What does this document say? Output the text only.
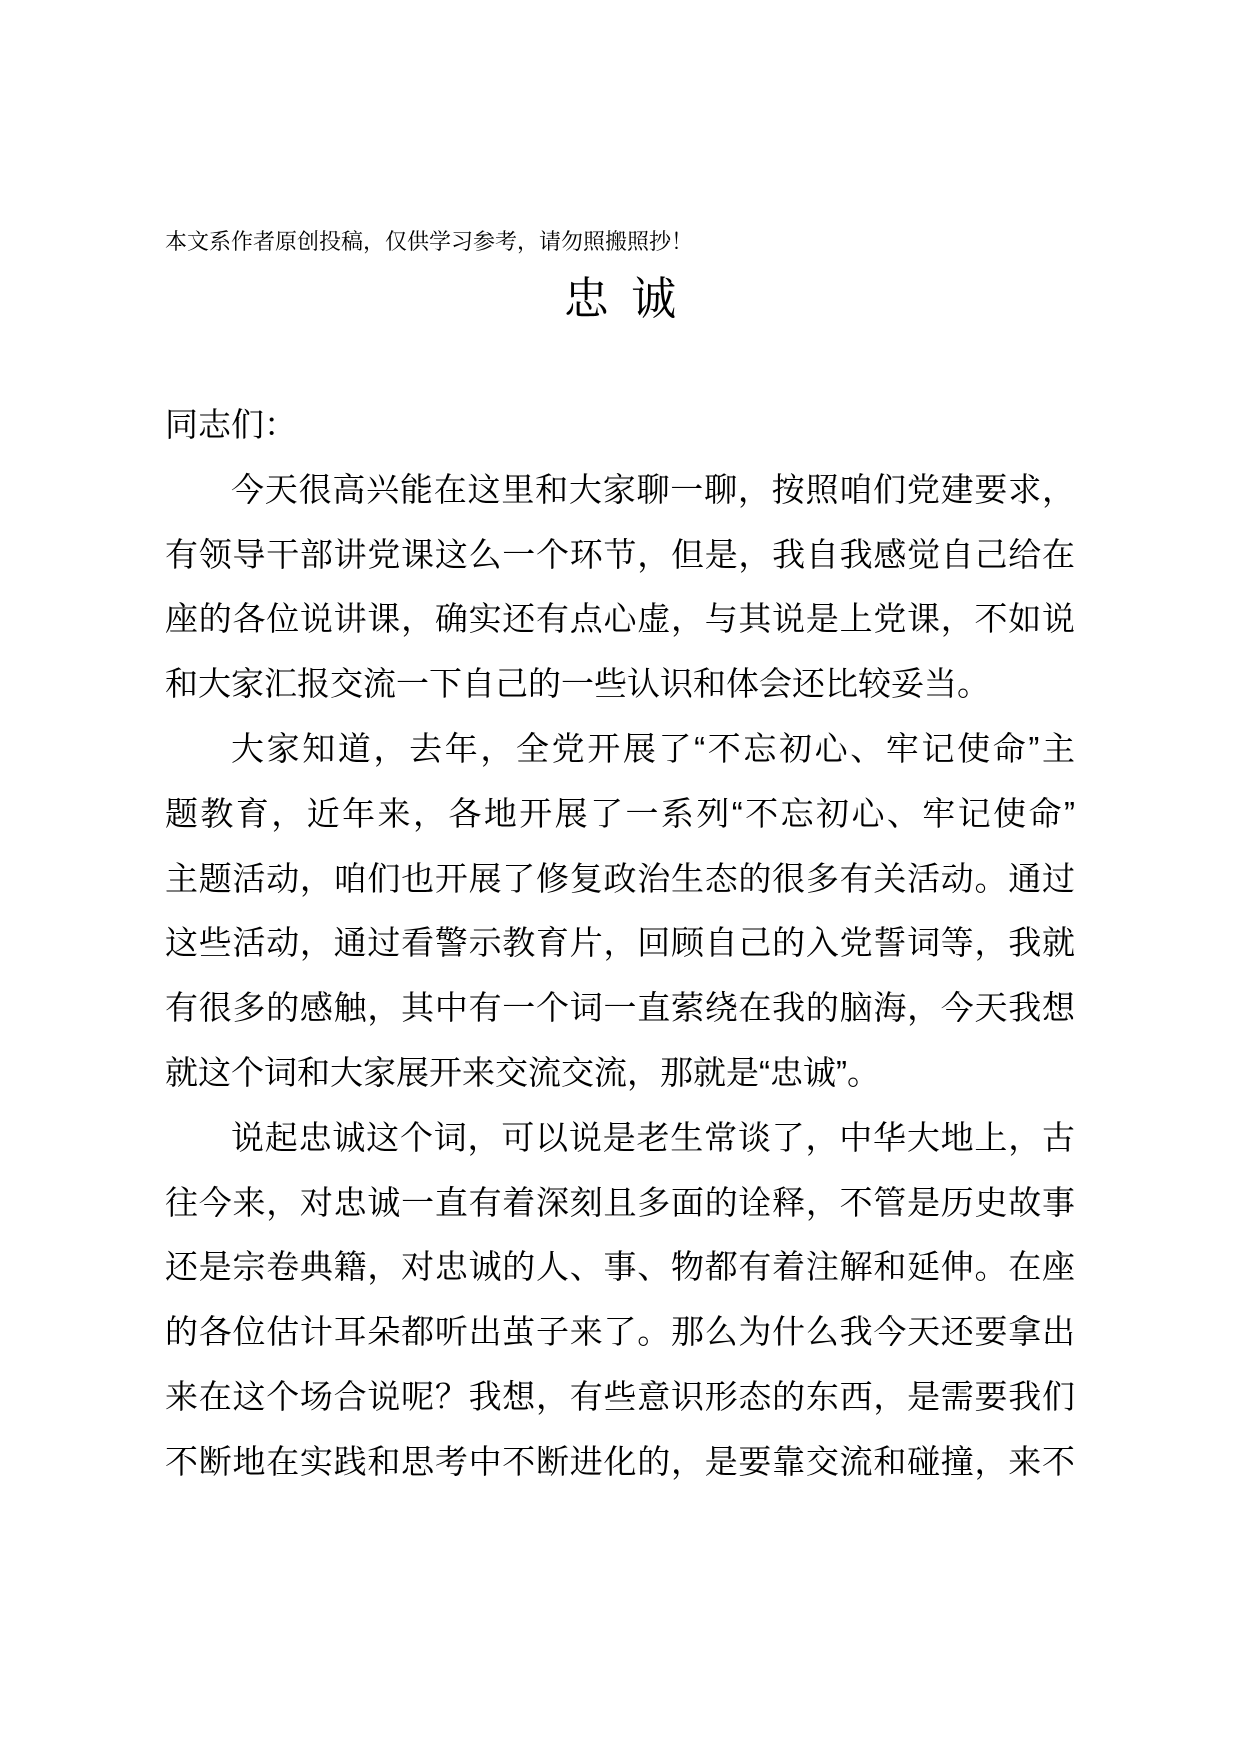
本文系作者原创投稿，仅供学习参考，请勿照搬照抄！
忠 诚
同志们：
今天很高兴能在这里和大家聊一聊，按照咱们党建要求，
有领导干部讲党课这么一个环节，但是，我自我感觉自己给在
座的各位说讲课，确实还有点心虚，与其说是上党课，不如说
和大家汇报交流一下自己的一些认识和体会还比较妥当。
大家知道，去年，全党开展了“不忘初心、牢记使命”主
题教育，近年来，各地开展了一系列“不忘初心、牢记使命”
主题活动，咱们也开展了修复政治生态的很多有关活动。通过
这些活动，通过看警示教育片，回顾自己的入党誓词等，我就
有很多的感触，其中有一个词一直萦绕在我的脑海，今天我想
就这个词和大家展开来交流交流，那就是“忠诚”。
说起忠诚这个词，可以说是老生常谈了，中华大地上，古
往今来，对忠诚一直有着深刻且多面的诠释，不管是历史故事
还是宗卷典籍，对忠诚的人、事、物都有着注解和延伸。在座
的各位估计耳朵都听出茧子来了。那么为什么我今天还要拿出
来在这个场合说呢？我想，有些意识形态的东西，是需要我们
不断地在实践和思考中不断进化的，是要靠交流和碰撞，来不
